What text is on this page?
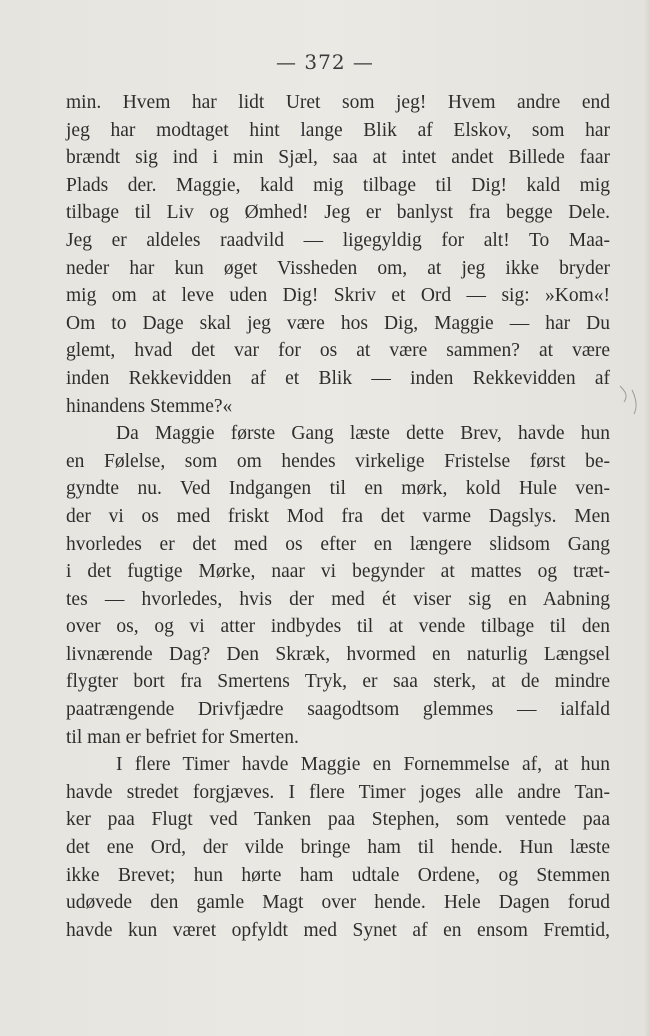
— 372 —
min. Hvem har lidt Uret som jeg! Hvem andre end
jeg har modtaget hint lange Blik af Elskov, som har
brændt sig ind i min Sjæl, saa at intet andet Billede faar
Plads der. Maggie, kald mig tilbage til Dig! kald mig
tilbage til Liv og Ømhed! Jeg er banlyst fra begge Dele.
Jeg er aldeles raadvild — ligegyldig for alt! To Maa-
neder har kun øget Vissheden om, at jeg ikke bryder
mig om at leve uden Dig! Skriv et Ord — sig: »Kom«!
Om to Dage skal jeg være hos Dig, Maggie — har Du
glemt, hvad det var for os at være sammen? at være
inden Rekkevidden af et Blik — inden Rekkevidden af
hinandens Stemme?«
Da Maggie første Gang læste dette Brev, havde hun
en Følelse, som om hendes virkelige Fristelse først be-
gyndte nu. Ved Indgangen til en mørk, kold Hule ven-
der vi os med friskt Mod fra det varme Dagslys. Men
hvorledes er det med os efter en længere slidsom Gang
i det fugtige Mørke, naar vi begynder at mattes og træt-
tes — hvorledes, hvis der med ét viser sig en Aabning
over os, og vi atter indbydes til at vende tilbage til den
livnærende Dag? Den Skræk, hvormed en naturlig Længsel
flygter bort fra Smertens Tryk, er saa sterk, at de mindre
paatrængende Drivfjædre saagodtsom glemmes — ialfald
til man er befriet for Smerten.
I flere Timer havde Maggie en Fornemmelse af, at hun
havde stredet forgjæves. I flere Timer joges alle andre Tan-
ker paa Flugt ved Tanken paa Stephen, som ventede paa
det ene Ord, der vilde bringe ham til hende. Hun læste
ikke Brevet; hun hørte ham udtale Ordene, og Stemmen
udøvede den gamle Magt over hende. Hele Dagen forud
havde kun været opfyldt med Synet af en ensom Fremtid,
